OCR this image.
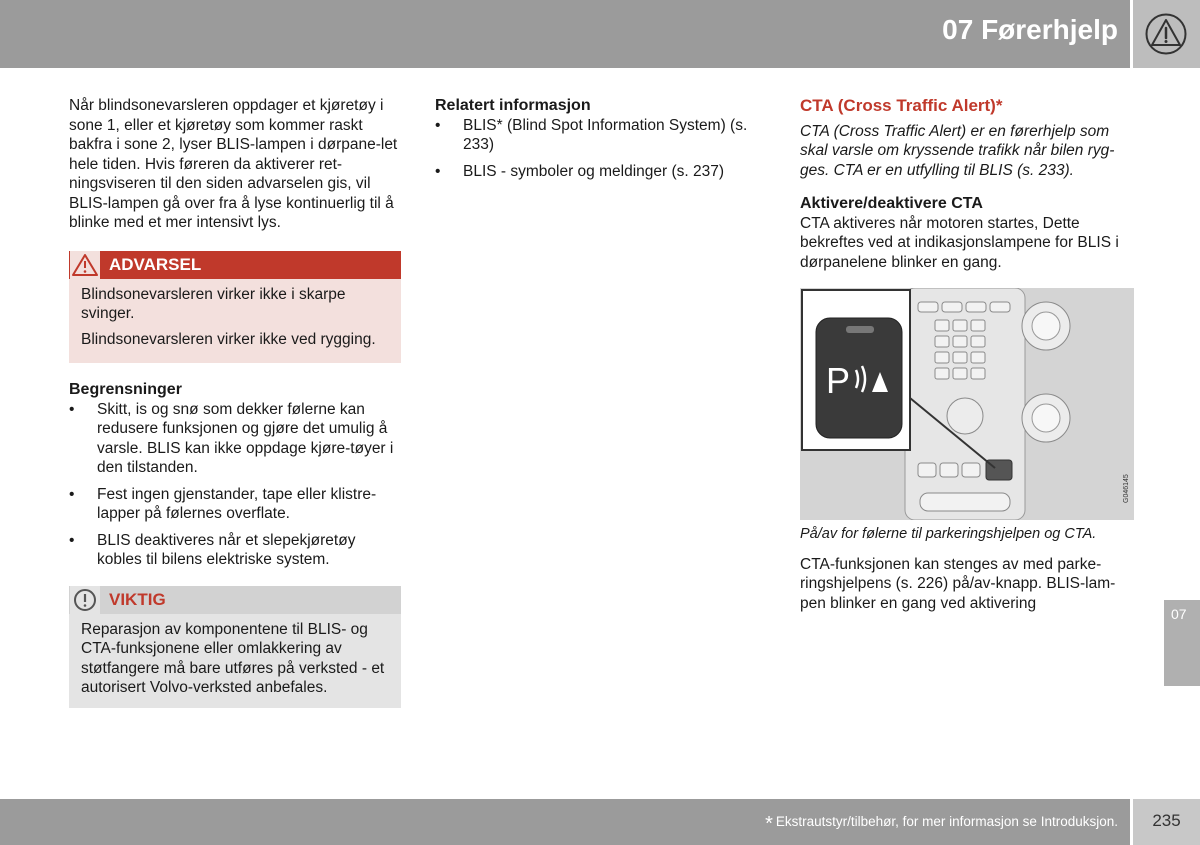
07 Førerhjelp

Når blindsonevarsleren oppdager et kjøretøy i sone 1, eller et kjøretøy som kommer raskt bakfra i sone 2, lyser BLIS-lampen i dørpane-let hele tiden. Hvis føreren da aktiverer ret-ningsviseren til den siden advarselen gis, vil BLIS-lampen gå over fra å lyse kontinuerlig til å blinke med et mer intensivt lys.

ADVARSEL

Blindsonevarsleren virker ikke i skarpe svinger.

Blindsonevarsleren virker ikke ved rygging.

Begrensninger

• Skitt, is og snø som dekker følerne kan redusere funksjonen og gjøre det umulig å varsle. BLIS kan ikke oppdage kjøre-tøyer i den tilstanden.
• Fest ingen gjenstander, tape eller klistre-lapper på følernes overflate.
• BLIS deaktiveres når et slepekjøretøy kobles til bilens elektriske system.
VIKTIG

Reparasjon av komponentene til BLIS- og CTA-funksjonene eller omlakkering av støtfangere må bare utføres på verksted - et autorisert Volvo-verksted anbefales.

Relatert informasjon

• BLIS* (Blind Spot Information System) (s. 233)
• BLIS - symboler og meldinger (s. 237)

CTA (Cross Traffic Alert)*

CTA (Cross Traffic Alert) er en førerhjelp som skal varsle om kryssende trafikk når bilen ryg-ges. CTA er en utfylling til BLIS (s. 233).

Aktivere/deaktivere CTA

CTA aktiveres når motoren startes, Dette bekreftes ved at indikasjonslampene for BLIS i dørpanelene blinker en gang.

P
G046145

På/av for følerne til parkeringshjelpen og CTA.

CTA-funksjonen kan stenges av med parke-ringshjelpens (s. 226) på/av-knapp. BLIS-lam-pen blinker en gang ved aktivering

07
* Ekstrautstyr/tilbehør, for mer informasjon se Introduksjon.	235
